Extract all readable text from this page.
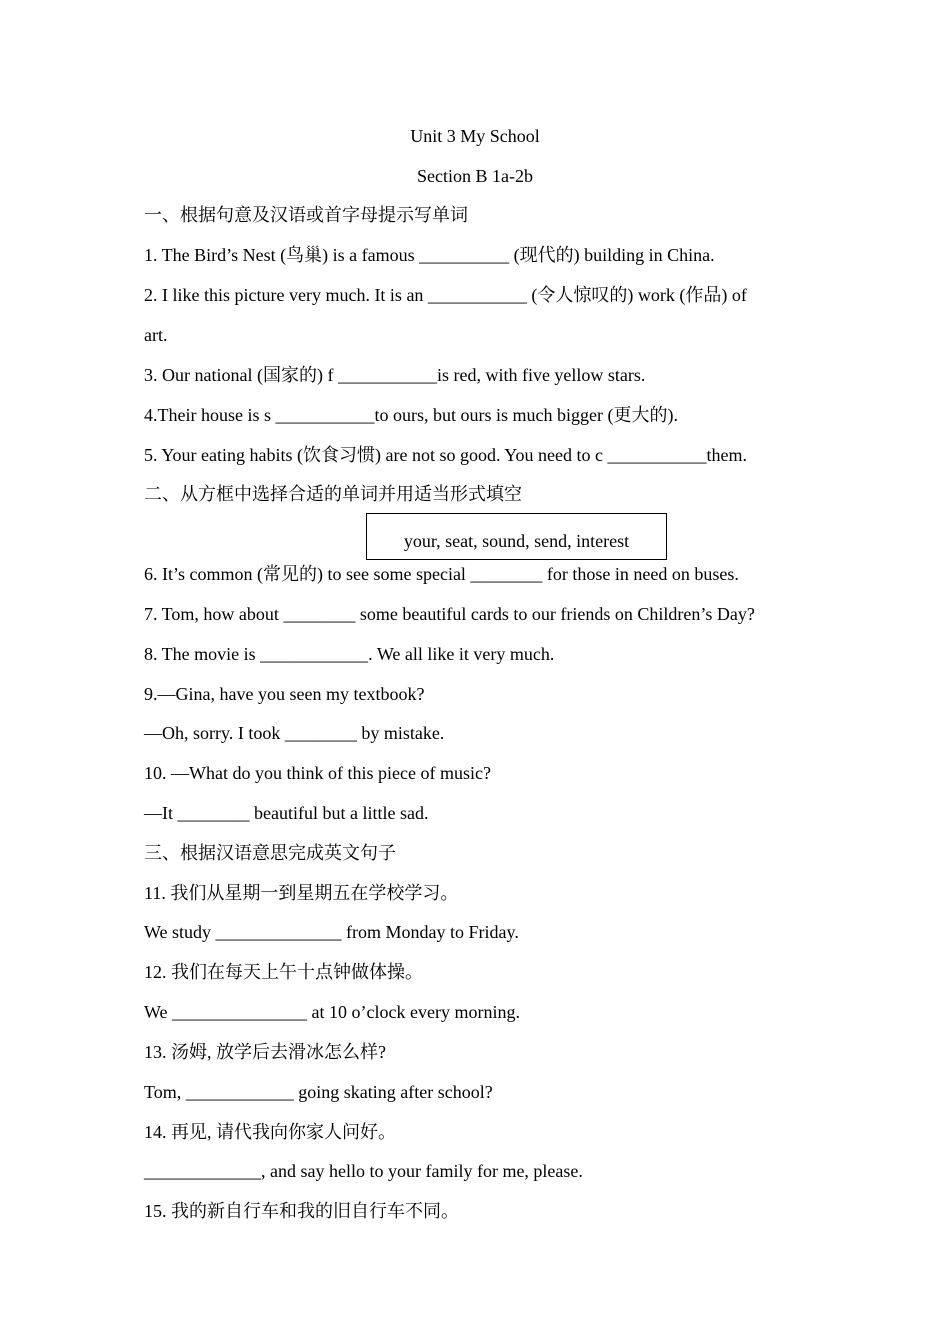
Unit 3 My School
Section B 1a-2b
一、根据句意及汉语或首字母提示写单词
1. The Bird’s Nest (鸟巢) is a famous __________ (现代的) building in China.
2. I like this picture very much. It is an ___________ (令人惊叹的) work (作品) of
art.
3. Our national (国家的) f ___________is red, with five yellow stars.
4.Their house is s ___________to ours, but ours is much bigger (更大的).
5. Your eating habits (饮食习惯) are not so good. You need to c ___________them.
二、从方框中选择合适的单词并用适当形式填空
your, seat, sound, send, interest
6. It’s common (常见的) to see some special ________ for those in need on buses.
7. Tom, how about ________ some beautiful cards to our friends on Children’s Day?
8. The movie is ____________. We all like it very much.
9.—Gina, have you seen my textbook?
—Oh, sorry. I took ________ by mistake.
10. —What do you think of this piece of music?
—It ________ beautiful but a little sad.
三、根据汉语意思完成英文句子
11. 我们从星期一到星期五在学校学习。
We study ______________ from Monday to Friday.
12. 我们在每天上午十点钟做体操。
We _______________ at 10 o’clock every morning.
13. 汤姆, 放学后去滑冰怎么样?
Tom, ____________ going skating after school?
14. 再见, 请代我向你家人问好。
_____________, and say hello to your family for me, please.
15. 我的新自行车和我的旧自行车不同。
